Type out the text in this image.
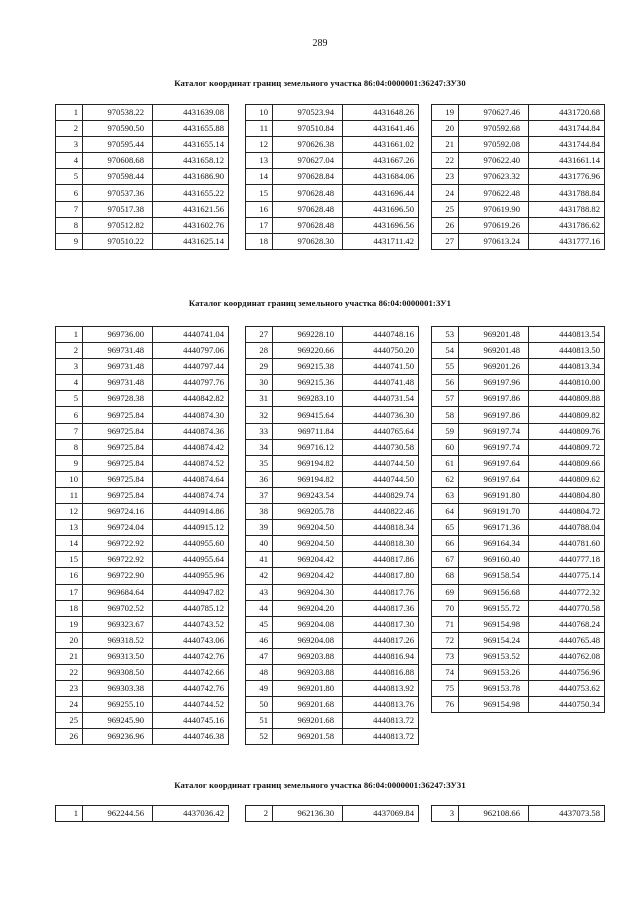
289
Каталог координат границ земельного участка 86:04:0000001:36247:ЗУ30
1	970538.22	4431639.08
2	970590.50	4431655.88
3	970595.44	4431655.14
4	970608.68	4431658.12
5	970598.44	4431686.90
6	970537.36	4431655.22
7	970517.38	4431621.56
8	970512.82	4431602.76
9	970510.22	4431625.14
10	970523.94	4431648.26
11	970510.84	4431641.46
12	970626.38	4431661.02
13	970627.04	4431667.26
14	970628.84	4431684.06
15	970628.48	4431696.44
16	970628.48	4431696.50
17	970628.48	4431696.56
18	970628.30	4431711.42
19	970627.46	4431720.68
20	970592.68	4431744.84
21	970592.08	4431744.84
22	970622.40	4431661.14
23	970623.32	4431776.96
24	970622.48	4431788.84
25	970619.90	4431788.82
26	970619.26	4431786.62
27	970613.24	4431777.16
Каталог координат границ земельного участка 86:04:0000001:ЗУ1
1	969736.00	4440741.04
2	969731.48	4440797.06
3	969731.48	4440797.44
4	969731.48	4440797.76
5	969728.38	4440842.82
6	969725.84	4440874.30
7	969725.84	4440874.36
8	969725.84	4440874.42
9	969725.84	4440874.52
10	969725.84	4440874.64
11	969725.84	4440874.74
12	969724.16	4440914.86
13	969724.04	4440915.12
14	969722.92	4440955.60
15	969722.92	4440955.64
16	969722.90	4440955.96
17	969684.64	4440947.82
18	969702.52	4440785.12
19	969323.67	4440743.52
20	969318.52	4440743.06
21	969313.50	4440742.76
22	969308.50	4440742.66
23	969303.38	4440742.76
24	969255.10	4440744.52
25	969245.90	4440745.16
26	969236.96	4440746.38
27	969228.10	4440748.16
28	969220.66	4440750.20
29	969215.38	4440741.50
30	969215.36	4440741.48
31	969283.10	4440731.54
32	969415.64	4440736.30
33	969711.84	4440765.64
34	969716.12	4440730.58
35	969194.82	4440744.50
36	969194.82	4440744.50
37	969243.54	4440829.74
38	969205.78	4440822.46
39	969204.50	4440818.34
40	969204.50	4440818.30
41	969204.42	4440817.86
42	969204.42	4440817.80
43	969204.30	4440817.76
44	969204.20	4440817.36
45	969204.08	4440817.30
46	969204.08	4440817.26
47	969203.88	4440816.94
48	969203.88	4440816.88
49	969201.80	4440813.92
50	969201.68	4440813.76
51	969201.68	4440813.72
52	969201.58	4440813.72
53	969201.48	4440813.54
54	969201.48	4440813.50
55	969201.26	4440813.34
56	969197.96	4440810.00
57	969197.86	4440809.88
58	969197.86	4440809.82
59	969197.74	4440809.76
60	969197.74	4440809.72
61	969197.64	4440809.66
62	969197.64	4440809.62
63	969191.80	4440804.80
64	969191.70	4440804.72
65	969171.36	4440788.04
66	969164.34	4440781.60
67	969160.40	4440777.18
68	969158.54	4440775.14
69	969156.68	4440772.32
70	969155.72	4440770.58
71	969154.98	4440768.24
72	969154.24	4440765.48
73	969153.52	4440762.08
74	969153.26	4440756.96
75	969153.78	4440753.62
76	969154.98	4440750.34
Каталог координат границ земельного участка 86:04:0000001:36247:ЗУ31
1	962244.56	4437036.42	2	962136.30	4437069.84	3	962108.66	4437073.58
